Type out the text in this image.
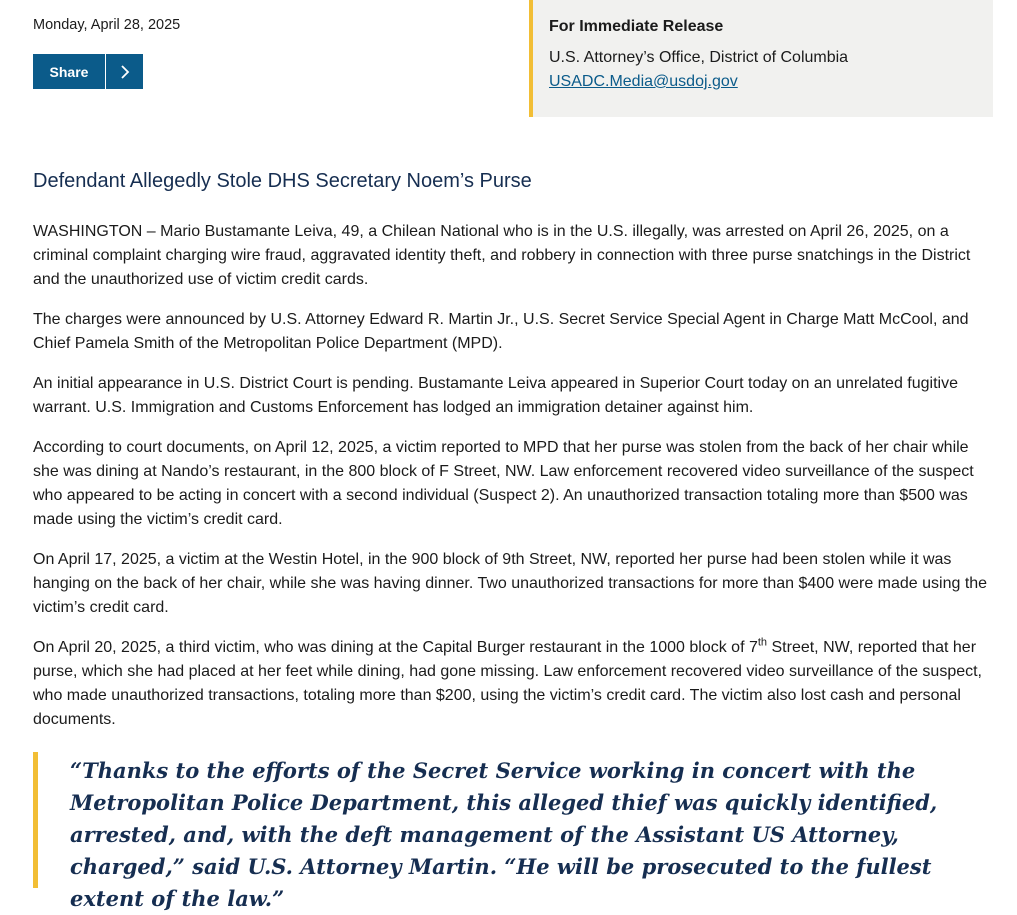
Monday, April 28, 2025
Share
For Immediate Release
U.S. Attorney’s Office, District of Columbia
USADC.Media@usdoj.gov
Defendant Allegedly Stole DHS Secretary Noem’s Purse

WASHINGTON – Mario Bustamante Leiva, 49, a Chilean National who is in the U.S. illegally, was arrested on April 26, 2025, on a criminal complaint charging wire fraud, aggravated identity theft, and robbery in connection with three purse snatchings in the District and the unauthorized use of victim credit cards.

The charges were announced by U.S. Attorney Edward R. Martin Jr., U.S. Secret Service Special Agent in Charge Matt McCool, and Chief Pamela Smith of the Metropolitan Police Department (MPD).

An initial appearance in U.S. District Court is pending. Bustamante Leiva appeared in Superior Court today on an unrelated fugitive warrant. U.S. Immigration and Customs Enforcement has lodged an immigration detainer against him.

According to court documents, on April 12, 2025, a victim reported to MPD that her purse was stolen from the back of her chair while she was dining at Nando’s restaurant, in the 800 block of F Street, NW. Law enforcement recovered video surveillance of the suspect who appeared to be acting in concert with a second individual (Suspect 2). An unauthorized transaction totaling more than $500 was made using the victim’s credit card.

On April 17, 2025, a victim at the Westin Hotel, in the 900 block of 9th Street, NW, reported her purse had been stolen while it was hanging on the back of her chair, while she was having dinner. Two unauthorized transactions for more than $400 were made using the victim’s credit card.

On April 20, 2025, a third victim, who was dining at the Capital Burger restaurant in the 1000 block of 7th Street, NW, reported that her purse, which she had placed at her feet while dining, had gone missing. Law enforcement recovered video surveillance of the suspect, who made unauthorized transactions, totaling more than $200, using the victim’s credit card. The victim also lost cash and personal documents.

“Thanks to the efforts of the Secret Service working in concert with the Metropolitan Police Department, this alleged thief was quickly identified, arrested, and, with the deft management of the Assistant US Attorney, charged,” said U.S. Attorney Martin. “He will be prosecuted to the fullest extent of the law.”
